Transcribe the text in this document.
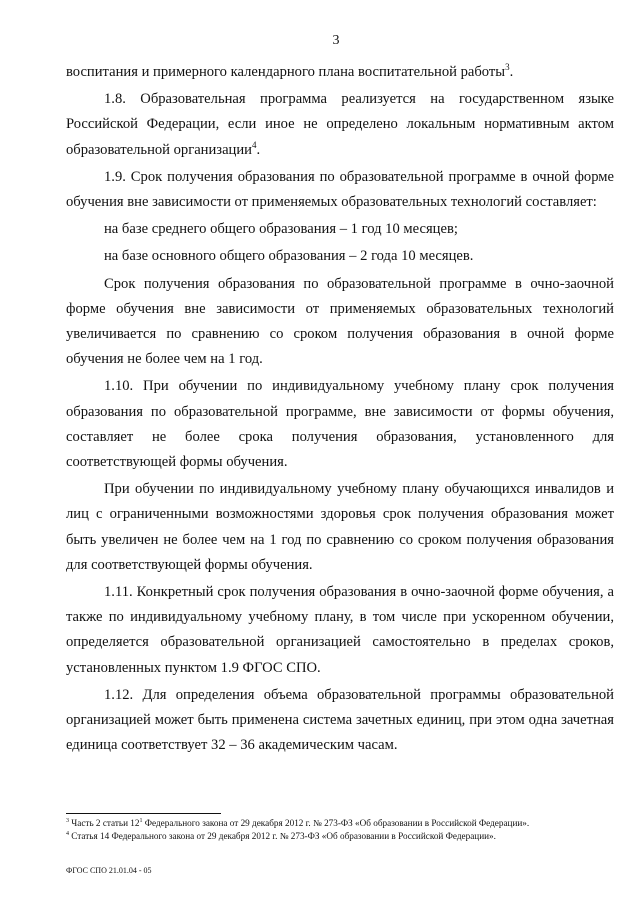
3

воспитания и примерного календарного плана воспитательной работы$^3$.

1.8. Образовательная программа реализуется на государственном языке Российской Федерации, если иное не определено локальным нормативным актом образовательной организации$^4$.

1.9. Срок получения образования по образовательной программе в очной форме обучения вне зависимости от применяемых образовательных технологий составляет:

на базе среднего общего образования – 1 год 10 месяцев;

на базе основного общего образования – 2 года 10 месяцев.

Срок получения образования по образовательной программе в очно-заочной форме обучения вне зависимости от применяемых образовательных технологий увеличивается по сравнению со сроком получения образования в очной форме обучения не более чем на 1 год.

1.10. При обучении по индивидуальному учебному плану срок получения образования по образовательной программе, вне зависимости от формы обучения, составляет не более срока получения образования, установленного для соответствующей формы обучения.

При обучении по индивидуальному учебному плану обучающихся инвалидов и лиц с ограниченными возможностями здоровья срок получения образования может быть увеличен не более чем на 1 год по сравнению со сроком получения образования для соответствующей формы обучения.

1.11. Конкретный срок получения образования в очно-заочной форме обучения, а также по индивидуальному учебному плану, в том числе при ускоренном обучении, определяется образовательной организацией самостоятельно в пределах сроков, установленных пунктом 1.9 ФГОС СПО.

1.12. Для определения объема образовательной программы образовательной организацией может быть применена система зачетных единиц, при этом одна зачетная единица соответствует 32 – 36 академическим часам.

$^3$ Часть 2 статьи $12^1$ Федерального закона от 29 декабря 2012 г. № 273-ФЗ «Об образовании в Российской Федерации».
$^4$ Статья 14 Федерального закона от 29 декабря 2012 г. № 273-ФЗ «Об образовании в Российской Федерации».
ФГОС СПО 21.01.04 - 05
